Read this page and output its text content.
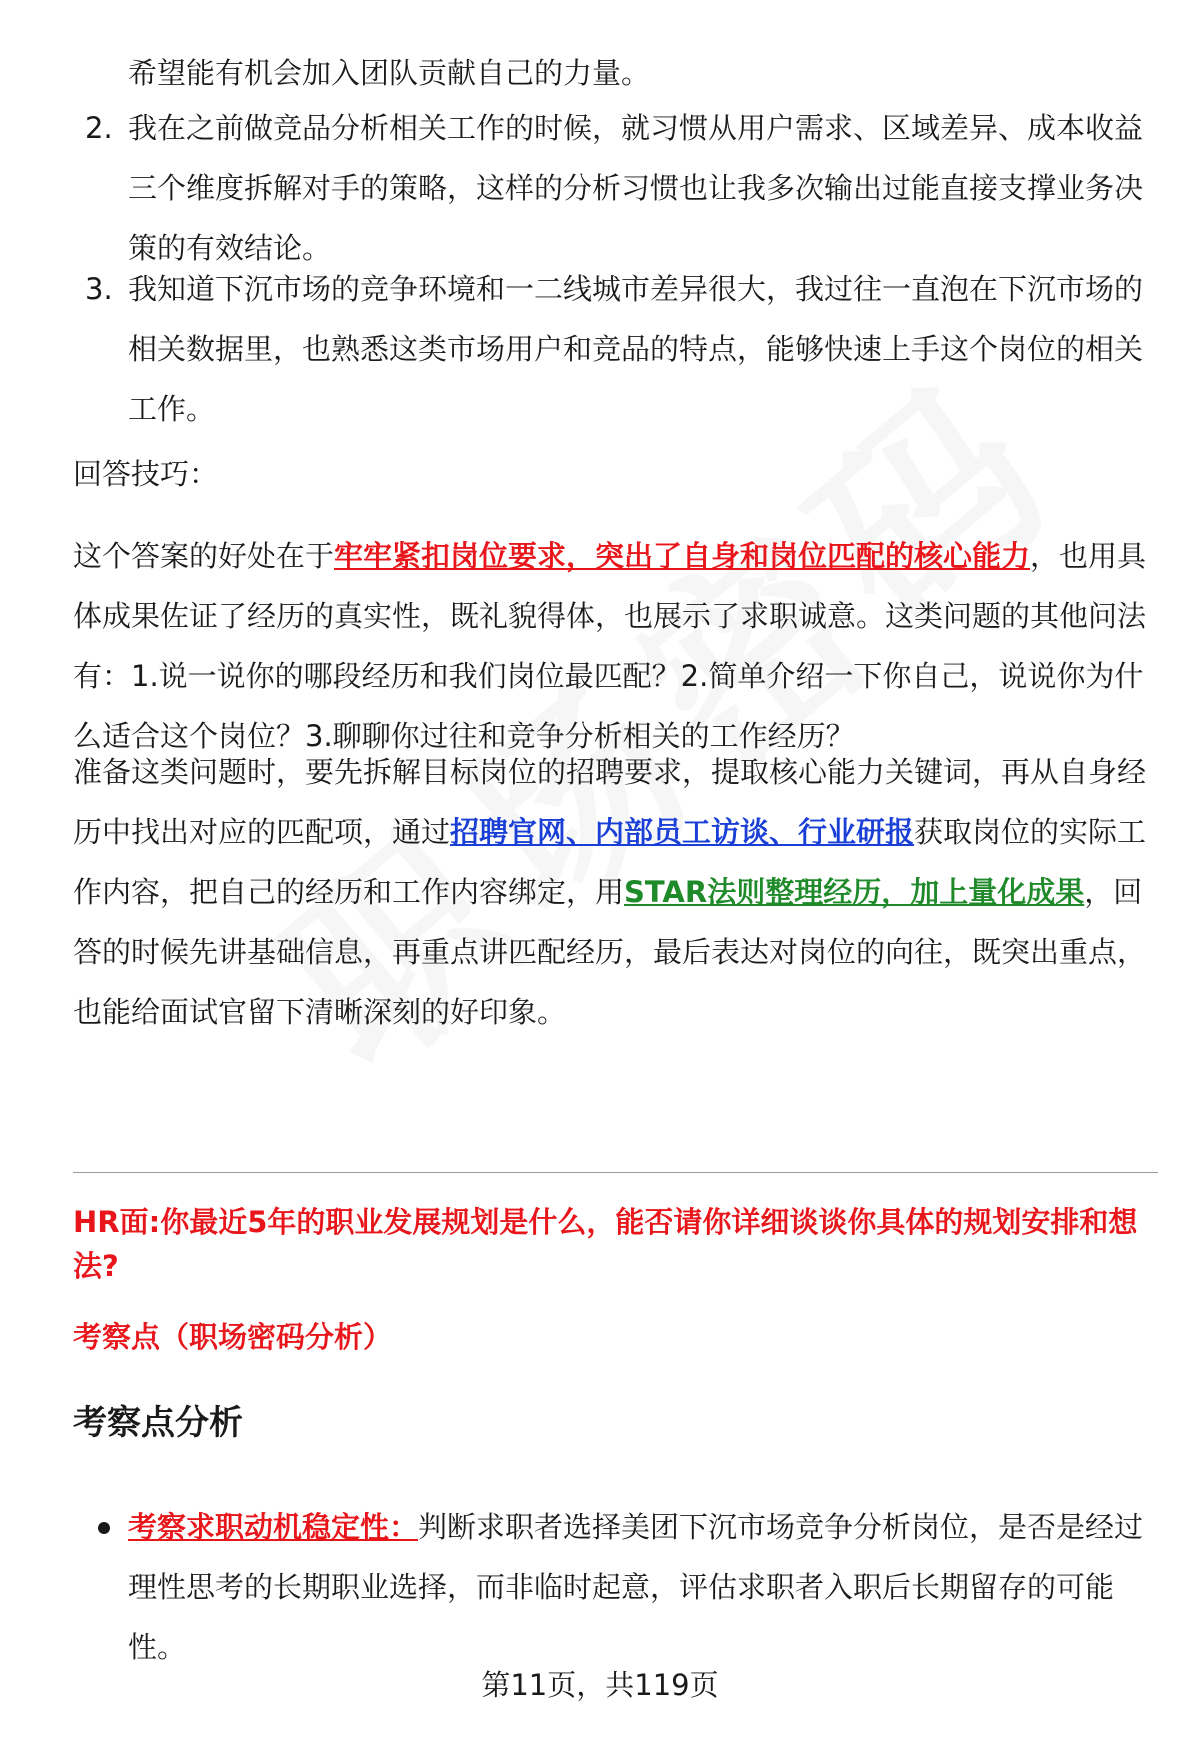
希望能有机会加入团队贡献自己的力量。

2. 我在之前做竞品分析相关工作的时候，就习惯从用户需求、区域差异、成本收益三个维度拆解对手的策略，这样的分析习惯也让我多次输出过能直接支撑业务决策的有效结论。
3. 我知道下沉市场的竞争环境和一二线城市差异很大，我过往一直泡在下沉市场的相关数据里，也熟悉这类市场用户和竞品的特点，能够快速上手这个岗位的相关工作。

回答技巧：

这个答案的好处在于牢牢紧扣岗位要求，突出了自身和岗位匹配的核心能力，也用具体成果佐证了经历的真实性，既礼貌得体，也展示了求职诚意。这类问题的其他问法有：1.说一说你的哪段经历和我们岗位最匹配？2.简单介绍一下你自己，说说你为什么适合这个岗位？3.聊聊你过往和竞争分析相关的工作经历？

准备这类问题时，要先拆解目标岗位的招聘要求，提取核心能力关键词，再从自身经历中找出对应的匹配项，通过招聘官网、内部员工访谈、行业研报获取岗位的实际工作内容，把自己的经历和工作内容绑定，用STAR法则整理经历，加上量化成果，回答的时候先讲基础信息，再重点讲匹配经历，最后表达对岗位的向往，既突出重点，也能给面试官留下清晰深刻的好印象。

HR面:你最近5年的职业发展规划是什么，能否请你详细谈谈你具体的规划安排和想法?
考察点（职场密码分析）
考察点分析
考察求职动机稳定性：判断求职者选择美团下沉市场竞争分析岗位，是否是经过理性思考的长期职业选择，而非临时起意，评估求职者入职后长期留存的可能性。
第11页，共119页
